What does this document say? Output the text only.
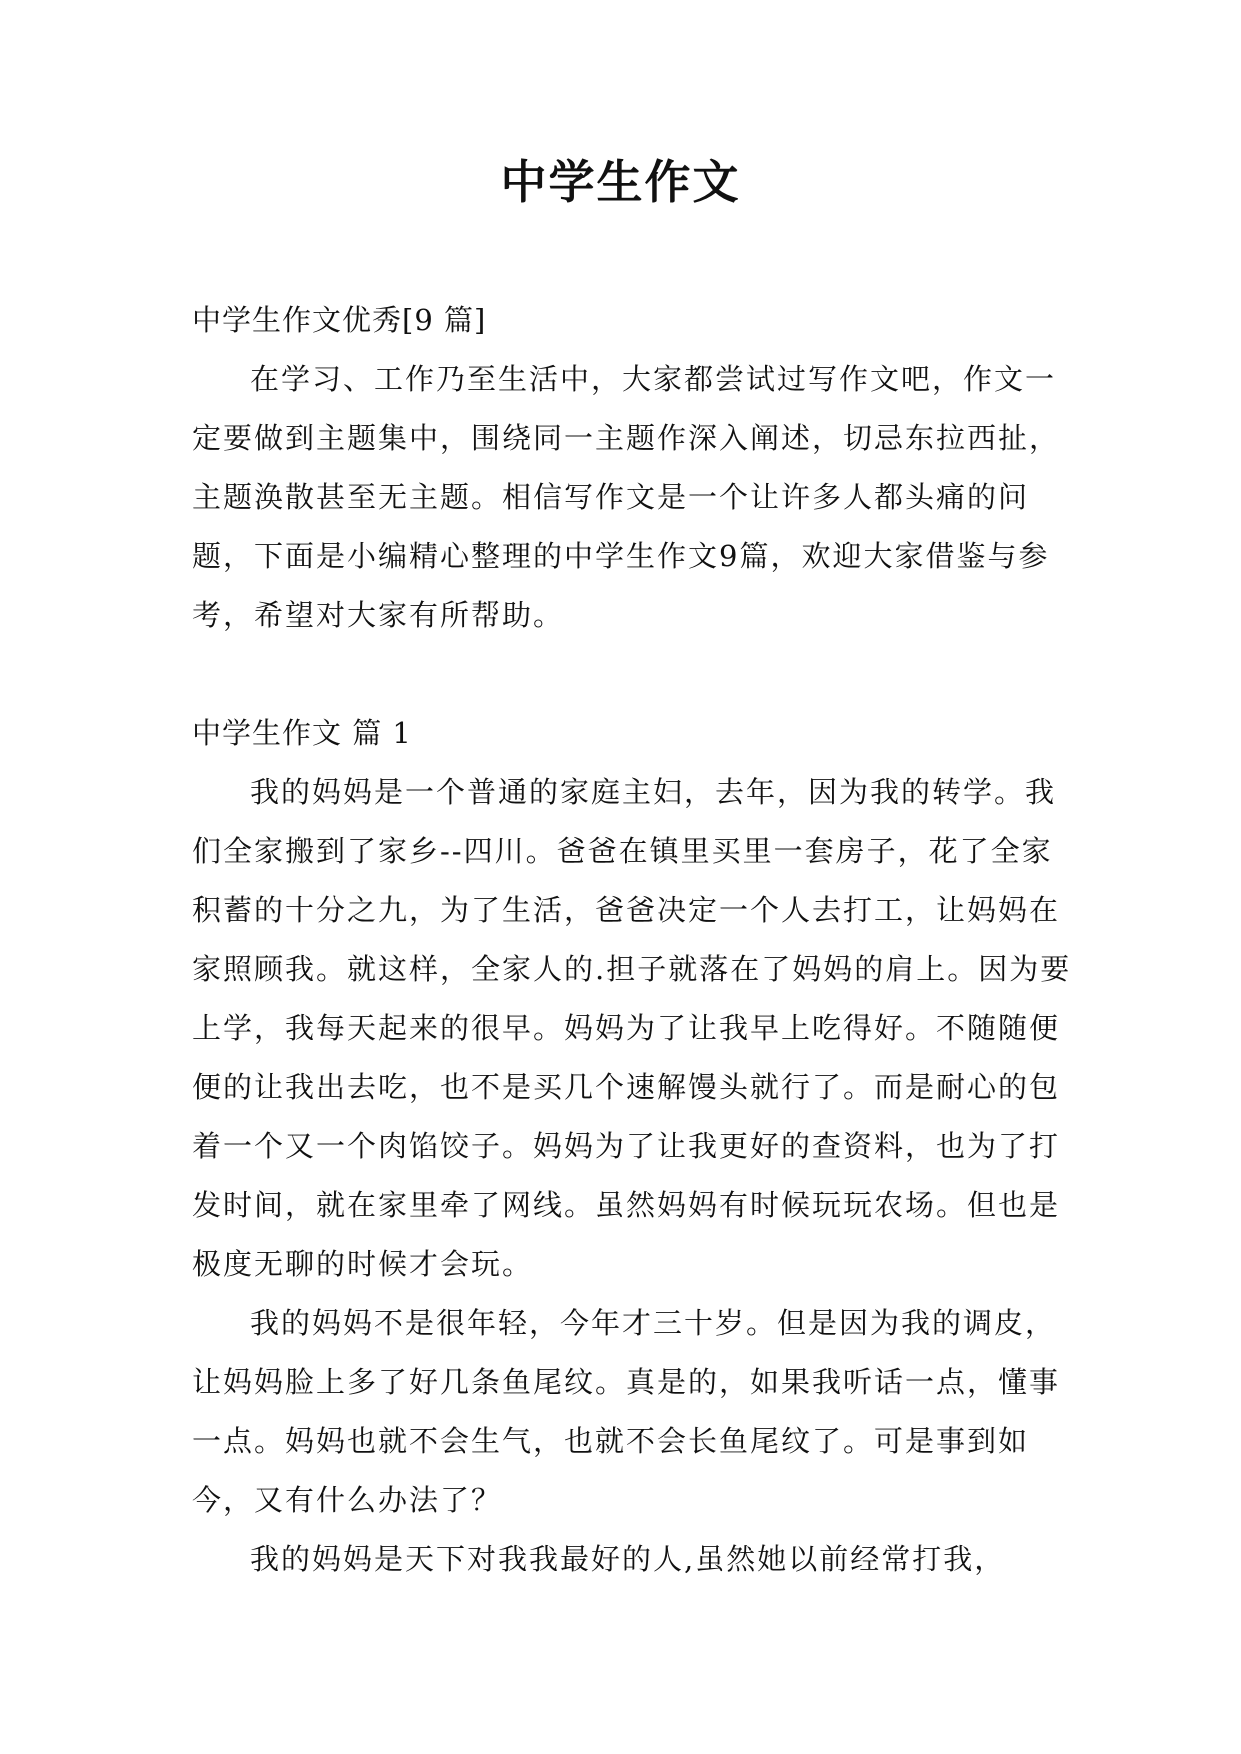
中学生作文

中学生作文优秀[9 篇]

在学习、工作乃至生活中，大家都尝试过写作文吧，作文一定要做到主题集中，围绕同一主题作深入阐述，切忌东拉西扯，主题涣散甚至无主题。相信写作文是一个让许多人都头痛的问题，下面是小编精心整理的中学生作文9篇，欢迎大家借鉴与参考，希望对大家有所帮助。

中学生作文 篇 1

我的妈妈是一个普通的家庭主妇，去年，因为我的转学。我们全家搬到了家乡--四川。爸爸在镇里买里一套房子，花了全家积蓄的十分之九，为了生活，爸爸决定一个人去打工，让妈妈在家照顾我。就这样，全家人的.担子就落在了妈妈的肩上。因为要上学，我每天起来的很早。妈妈为了让我早上吃得好。不随随便便的让我出去吃，也不是买几个速解馒头就行了。而是耐心的包着一个又一个肉馅饺子。妈妈为了让我更好的查资料，也为了打发时间，就在家里牵了网线。虽然妈妈有时候玩玩农场。但也是极度无聊的时候才会玩。

我的妈妈不是很年轻，今年才三十岁。但是因为我的调皮，让妈妈脸上多了好几条鱼尾纹。真是的，如果我听话一点，懂事一点。妈妈也就不会生气，也就不会长鱼尾纹了。可是事到如今，又有什么办法了？

我的妈妈是天下对我我最好的人,虽然她以前经常打我，
